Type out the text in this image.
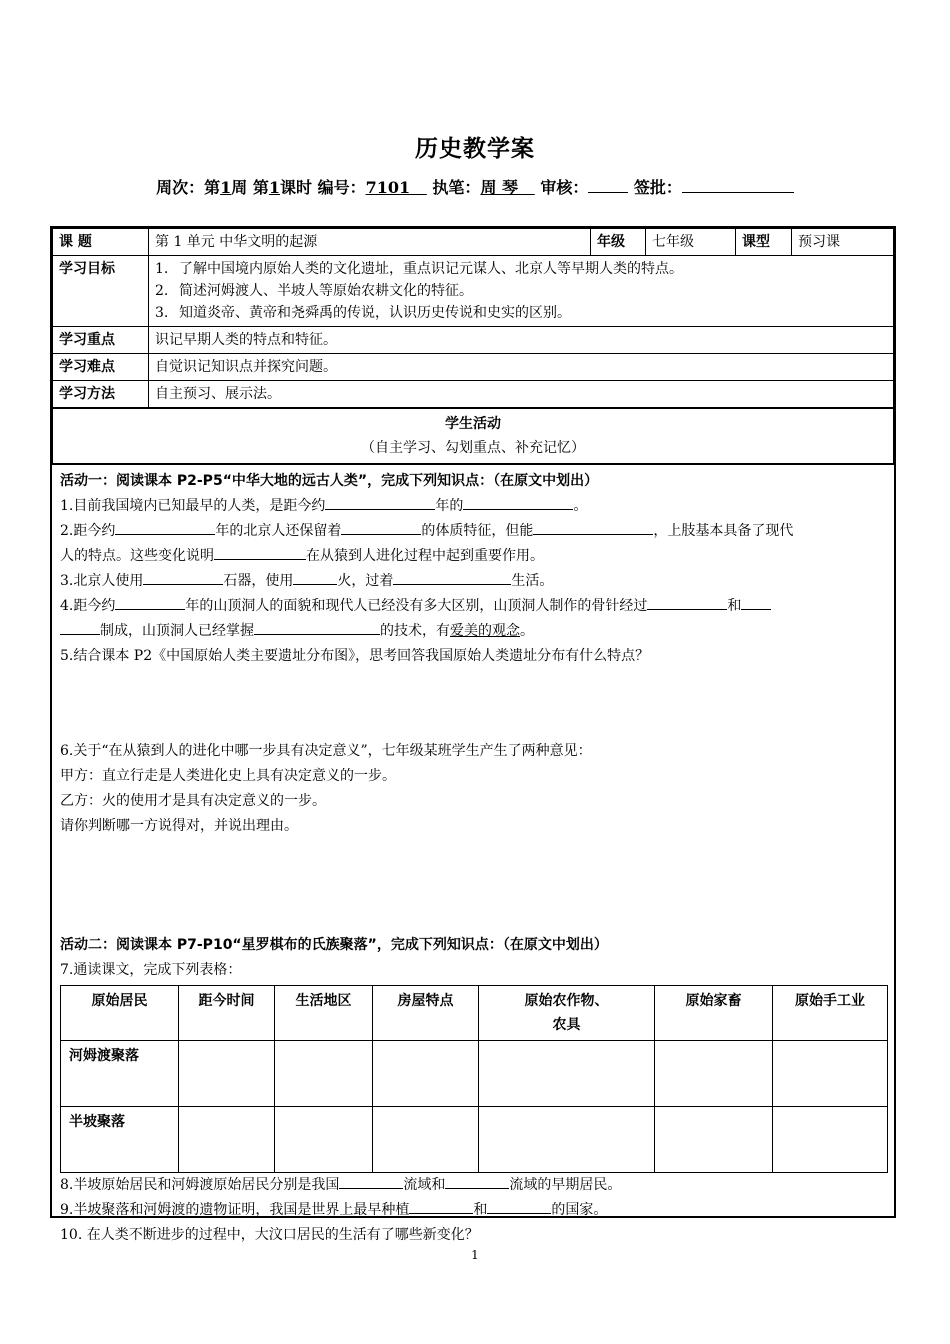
历史教学案
周次：第1周 第1课时 编号：7101 执笔：周 琴 审核：	签批：
课 题	第 1 单元 中华文明的起源	年级	七年级	课型	预习课
学习目标	1. 了解中国境内原始人类的文化遗址，重点识记元谋人、北京人等早期人类的特点。
2. 简述河姆渡人、半坡人等原始农耕文化的特征。
3. 知道炎帝、黄帝和尧舜禹的传说，认识历史传说和史实的区别。				

学习重点	识记早期人类的特点和特征。				
学习难点	自觉识记知识点并探究问题。				
学习方法	自主预习、展示法。				

学生活动
（自主学习、勾划重点、补充记忆）					
活动一：阅读课本 P2-P5“中华大地的远古人类”，完成下列知识点：（在原文中划出）
1.目前我国境内已知最早的人类，是距今约	年的	。
2.距今约	年的北京人还保留着	的体质特征，但能	，上肢基本具备了现代
人的特点。这些变化说明	在从猿到人进化过程中起到重要作用。
3.北京人使用	石器，使用	火，过着	生活。
4.距今约	年的山顶洞人的面貌和现代人已经没有多大区别，山顶洞人制作的骨针经过	和
制成，山顶洞人已经掌握	的技术，有爱美的观念。
5.结合课本 P2《中国原始人类主要遗址分布图》，思考回答我国原始人类遗址分布有什么特点？
6.关于“在从猿到人的进化中哪一步具有决定意义”，七年级某班学生产生了两种意见：
甲方：直立行走是人类进化史上具有决定意义的一步。
乙方：火的使用才是具有决定意义的一步。
请你判断哪一方说得对，并说出理由。
活动二：阅读课本 P7-P10“星罗棋布的氏族聚落”，完成下列知识点：（在原文中划出）
7.通读课文，完成下列表格：
原始居民	距今时间	生活地区	房屋特点	原始农作物、
农具	原始家畜	原始手工业
河姆渡聚落						
半坡聚落						
8.半坡原始居民和河姆渡原始居民分别是我国	流域和	流域的早期居民。
9.半坡聚落和河姆渡的遗物证明，我国是世界上最早种植	和	的国家。
10. 在人类不断进步的过程中，大汶口居民的生活有了哪些新变化？
1
